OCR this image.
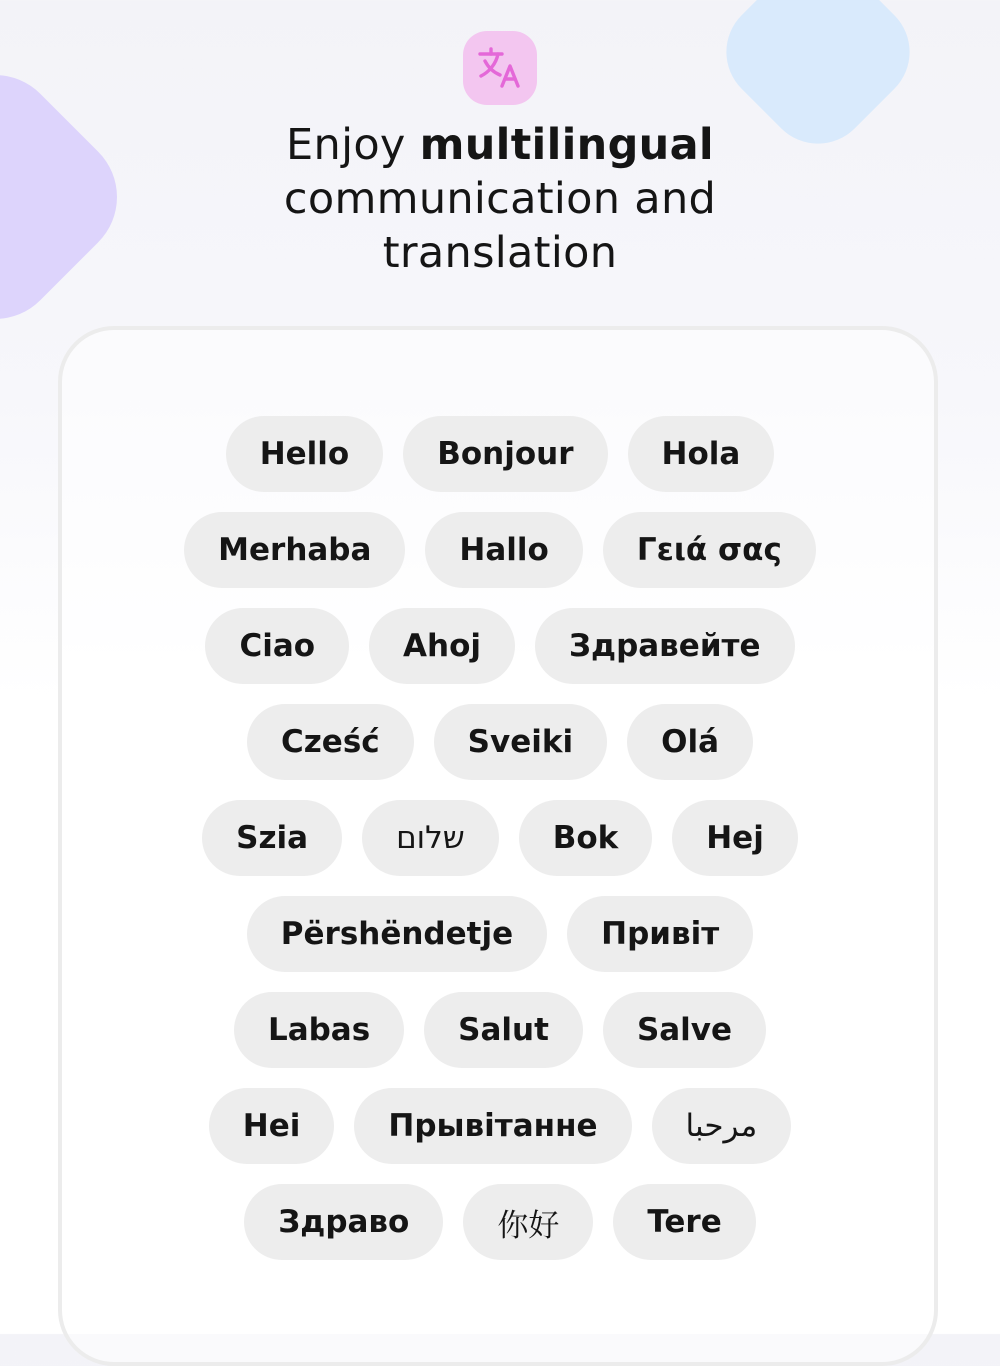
Enjoy multilingual
communication and
translation
Hello	Bonjour	Hola
Merhaba	Hallo	Γειά σας
Ciao	Ahoj	Здравейте
Cześć	Sveiki	Olá
Szia	שלום	Bok	Hej
Përshëndetje	Привіт
Labas	Salut	Salve
Hei	Прывітанне	مرحبا
Здраво	你好	Tere
